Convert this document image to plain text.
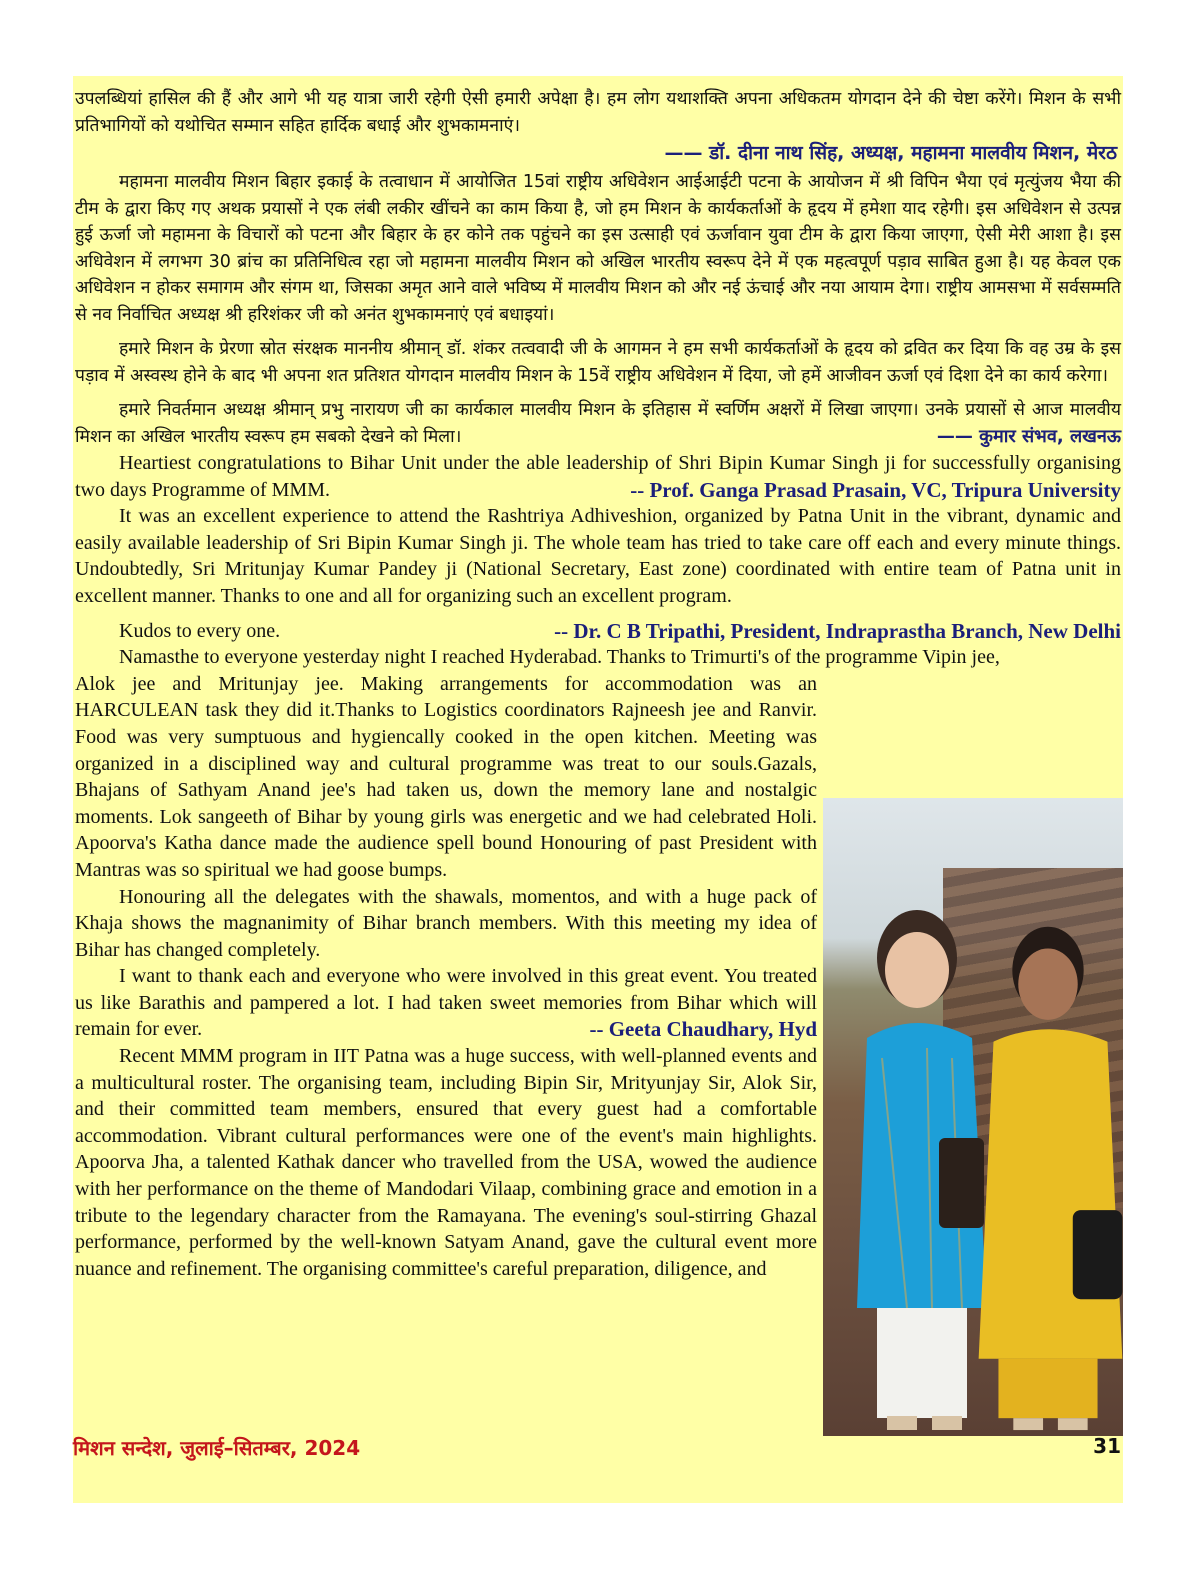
उपलब्धियां हासिल की हैं और आगे भी यह यात्रा जारी रहेगी ऐसी हमारी अपेक्षा है। हम लोग यथाशक्ति अपना अधिकतम योगदान देने की चेष्टा करेंगे। मिशन के सभी प्रतिभागियों को यथोचित सम्मान सहित हार्दिक बधाई और शुभकामनाएं।

—— डॉ. दीना नाथ सिंह, अध्यक्ष, महामना मालवीय मिशन, मेरठ

महामना मालवीय मिशन बिहार इकाई के तत्वाधान में आयोजित 15वां राष्ट्रीय अधिवेशन आईआईटी पटना के आयोजन में श्री विपिन भैया एवं मृत्युंजय भैया की टीम के द्वारा किए गए अथक प्रयासों ने एक लंबी लकीर खींचने का काम किया है, जो हम मिशन के कार्यकर्ताओं के हृदय में हमेशा याद रहेगी। इस अधिवेशन से उत्पन्न हुई ऊर्जा जो महामना के विचारों को पटना और बिहार के हर कोने तक पहुंचने का इस उत्साही एवं ऊर्जावान युवा टीम के द्वारा किया जाएगा, ऐसी मेरी आशा है। इस अधिवेशन में लगभग 30 ब्रांच का प्रतिनिधित्व रहा जो महामना मालवीय मिशन को अखिल भारतीय स्वरूप देने में एक महत्वपूर्ण पड़ाव साबित हुआ है। यह केवल एक अधिवेशन न होकर समागम और संगम था, जिसका अमृत आने वाले भविष्य में मालवीय मिशन को और नई ऊंचाई और नया आयाम देगा। राष्ट्रीय आमसभा में सर्वसम्मति से नव निर्वाचित अध्यक्ष श्री हरिशंकर जी को अनंत शुभकामनाएं एवं बधाइयां।

हमारे मिशन के प्रेरणा स्रोत संरक्षक माननीय श्रीमान् डॉ. शंकर तत्ववादी जी के आगमन ने हम सभी कार्यकर्ताओं के हृदय को द्रवित कर दिया कि वह उम्र के इस पड़ाव में अस्वस्थ होने के बाद भी अपना शत प्रतिशत योगदान मालवीय मिशन के 15वें राष्ट्रीय अधिवेशन में दिया, जो हमें आजीवन ऊर्जा एवं दिशा देने का कार्य करेगा।

हमारे निवर्तमान अध्यक्ष श्रीमान् प्रभु नारायण जी का कार्यकाल मालवीय मिशन के इतिहास में स्वर्णिम अक्षरों में लिखा जाएगा। उनके प्रयासों से आज मालवीय मिशन का अखिल भारतीय स्वरूप हम सबको देखने को मिला।	—— कुमार संभव, लखनऊ

Heartiest congratulations to Bihar Unit under the able leadership of Shri Bipin Kumar Singh ji for successfully organising two days Programme of MMM.	-- Prof. Ganga Prasad Prasain, VC, Tripura University

It was an excellent experience to attend the Rashtriya Adhiveshion, organized by Patna Unit in the vibrant, dynamic and easily available leadership of Sri Bipin Kumar Singh ji. The whole team has tried to take care off each and every minute things. Undoubtedly, Sri Mritunjay Kumar Pandey ji (National Secretary, East zone) coordinated with entire team of Patna unit in excellent manner. Thanks to one and all for organizing such an excellent program.

Kudos to every one.	-- Dr. C B Tripathi, President, Indraprastha Branch, New Delhi

Namasthe to everyone yesterday night I reached Hyderabad. Thanks to Trimurti's of the programme Vipin jee,

Alok jee and Mritunjay jee. Making arrangements for accommodation was an HARCULEAN task they did it.Thanks to Logistics coordinators Rajneesh jee and Ranvir. Food was very sumptuous and hygiencally cooked in the open kitchen. Meeting was organized in a disciplined way and cultural programme was treat to our souls.Gazals, Bhajans of Sathyam Anand jee's had taken us, down the memory lane and nostalgic moments. Lok sangeeth of Bihar by young girls was energetic and we had celebrated Holi. Apoorva's Katha dance made the audience spell bound Honouring of past President with Mantras was so spiritual we had goose bumps.

Honouring all the delegates with the shawals, momentos, and with a huge pack of Khaja shows the magnanimity of Bihar branch members. With this meeting my idea of Bihar has changed completely.

I want to thank each and everyone who were involved in this great event. You treated us like Barathis and pampered a lot. I had taken sweet memories from Bihar which will remain for ever.	-- Geeta Chaudhary, Hyd

Recent MMM program in IIT Patna was a huge success, with well-planned events and a multicultural roster. The organising team, including Bipin Sir, Mrityunjay Sir, Alok Sir, and their committed team members, ensured that every guest had a comfortable accommodation. Vibrant cultural performances were one of the event's main highlights. Apoorva Jha, a talented Kathak dancer who travelled from the USA, wowed the audience with her performance on the theme of Mandodari Vilaap, combining grace and emotion in a tribute to the legendary character from the Ramayana. The evening's soul-stirring Ghazal performance, performed by the well-known Satyam Anand, gave the cultural event more nuance and refinement. The organising committee's careful preparation, diligence, and

मिशन सन्देश, जुलाई–सितम्बर, 2024	31
